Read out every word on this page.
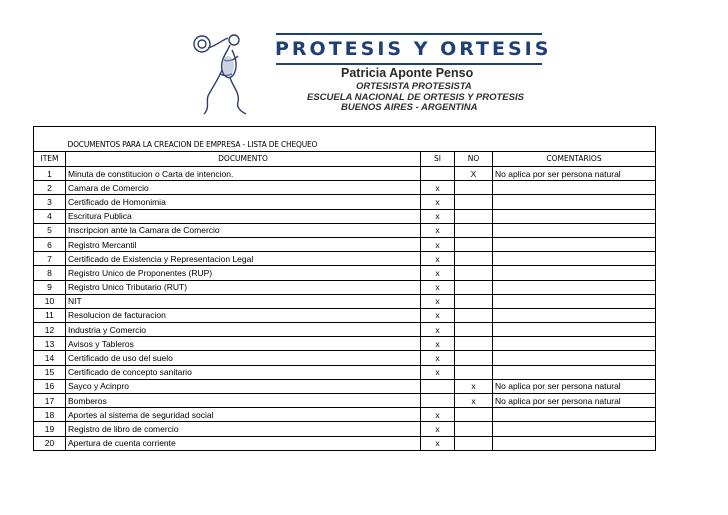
PROTESIS Y ORTESIS
Patricia Aponte Penso
ORTESISTA PROTESISTA
ESCUELA NACIONAL DE ORTESIS Y PROTESIS
BUENOS AIRES - ARGENTINA
	DOCUMENTOS PARA LA CREACION DE EMPRESA - LISTA DE CHEQUEO			
ITEM	DOCUMENTO	SI	NO	COMENTARIOS
1	Minuta de constitucion o Carta de intencion.		X	No aplica por ser persona natural
2	Camara de Comercio	x		
3	Certificado de Homonimia	x		
4	Escritura Publica	x		
5	Inscripcion ante la Camara de Comercio	x		
6	Registro Mercantil	x		
7	Certificado de Existencia y Representacion Legal	x		
8	Registro Unico de Proponentes (RUP)	x		
9	Registro Unico Tributario (RUT)	x		
10	NIT	x		
11	Resolucion de facturacion	x		
12	Industria y Comercio	x		
13	Avisos y Tableros	x		
14	Certificado de uso del suelo	x		
15	Certificado de concepto sanitario	x		
16	Sayco y Acinpro		x	No aplica por ser persona natural
17	Bomberos		x	No aplica por ser persona natural
18	Aportes al sistema de seguridad social	x		
19	Registro de libro de comercio	x		
20	Apertura de cuenta corriente	x		
